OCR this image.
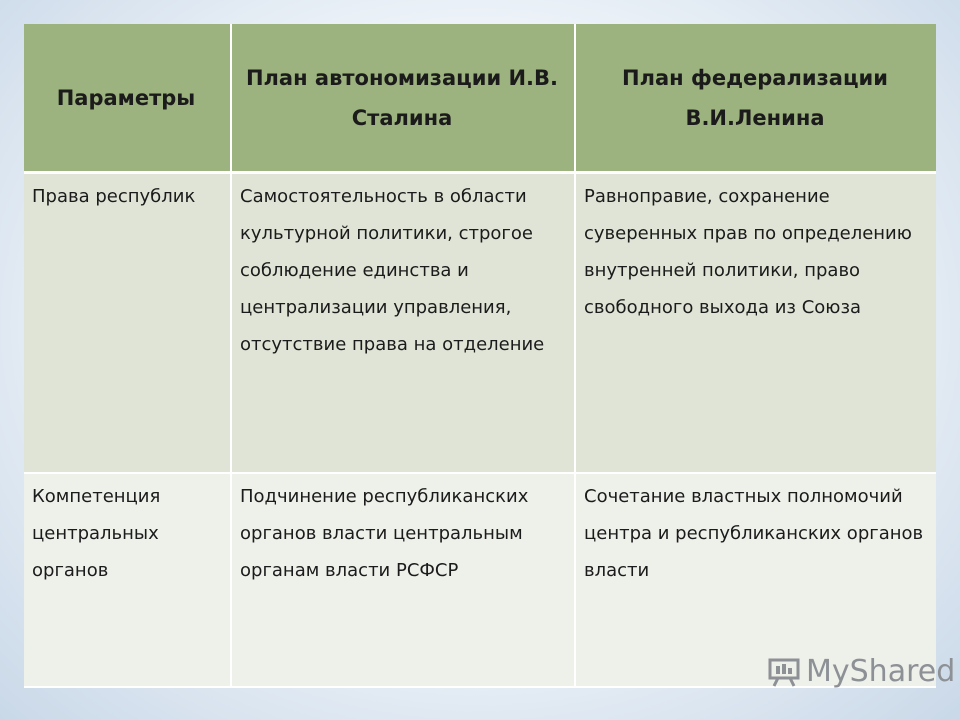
Параметры
План автономизации И.В. Сталина
План федерализации В.И.Ленина
Права республик	Самостоятельность в области культурной политики, строгое соблюдение единства и централизации управления, отсутствие права на отделение
Равноправие, сохранение суверенных прав по определению внутренней политики, право свободного выхода из Союза
Компетенция центральных органов
Подчинение республиканских органов власти центральным органам власти РСФСР
Сочетание властных полномочий центра и республиканских органов власти
MyShared
